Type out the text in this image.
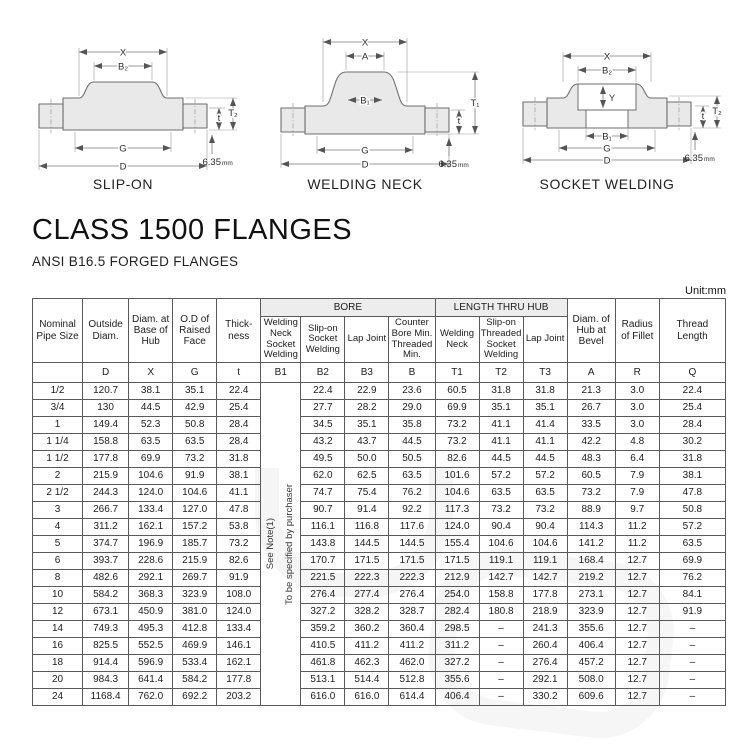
X
B₂
G
D
t T₂
6.35 mm
SLIP-ON
X
A
B₁
G
D
t
T₁
6.35 mm
WELDING NECK
X
B₂
Y
B₁
G
D
t T₂
6.35 mm
SOCKET WELDING
CLASS 1500 FLANGES
ANSI B16.5 FORGED FLANGES
Unit:mm
Nominal Pipe Size	Outside Diam.	Diam. at Base of Hub	O.D of Raised Face	Thick-ness	BORE				LENGTH THRU HUB			Diam. of Hub at Bevel	Radius of Fillet	Thread Length
					Welding Neck Socket Welding	Slip-on Socket Welding	Lap Joint	Counter Bore Min. Threaded Min.	Welding Neck	Slip-on Threaded Socket Welding	Lap Joint			
	D	X	G	t	B1	B2	B3	B	T1	T2	T3	A	R	Q
1/2	120.7	38.1	35.1	22.4	See Note(1) To be specified by purchaser	22.4	22.9	23.6	60.5	31.8	31.8	21.3	3.0	22.4
3/4	130	44.5	42.9	25.4		27.7	28.2	29.0	69.9	35.1	35.1	26.7	3.0	25.4
1	149.4	52.3	50.8	28.4		34.5	35.1	35.8	73.2	41.1	41.4	33.5	3.0	28.4
1 1/4	158.8	63.5	63.5	28.4		43.2	43.7	44.5	73.2	41.1	41.1	42.2	4.8	30.2
1 1/2	177.8	69.9	73.2	31.8		49.5	50.0	50.5	82.6	44.5	44.5	48.3	6.4	31.8
2	215.9	104.6	91.9	38.1		62.0	62.5	63.5	101.6	57.2	57.2	60.5	7.9	38.1
2 1/2	244.3	124.0	104.6	41.1		74.7	75.4	76.2	104.6	63.5	63.5	73.2	7.9	47.8
3	266.7	133.4	127.0	47.8		90.7	91.4	92.2	117.3	73.2	73.2	88.9	9.7	50.8
4	311.2	162.1	157.2	53.8		116.1	116.8	117.6	124.0	90.4	90.4	114.3	11.2	57.2
5	374.7	196.9	185.7	73.2		143.8	144.5	144.5	155.4	104.6	104.6	141.2	11.2	63.5
6	393.7	228.6	215.9	82.6		170.7	171.5	171.5	171.5	119.1	119.1	168.4	12.7	69.9
8	482.6	292.1	269.7	91.9		221.5	222.3	222.3	212.9	142.7	142.7	219.2	12.7	76.2
10	584.2	368.3	323.9	108.0		276.4	277.4	276.4	254.0	158.8	177.8	273.1	12.7	84.1
12	673.1	450.9	381.0	124.0		327.2	328.2	328.7	282.4	180.8	218.9	323.9	12.7	91.9
14	749.3	495.3	412.8	133.4		359.2	360.2	360.4	298.5	–	241.3	355.6	12.7	–
16	825.5	552.5	469.9	146.1		410.5	411.2	411.2	311.2	–	260.4	406.4	12.7	–
18	914.4	596.9	533.4	162.1		461.8	462.3	462.0	327.2	–	276.4	457.2	12.7	–
20	984.3	641.4	584.2	177.8		513.1	514.4	512.8	355.6	–	292.1	508.0	12.7	–
24	1168.4	762.0	692.2	203.2		616.0	616.0	614.4	406.4	–	330.2	609.6	12.7	–
